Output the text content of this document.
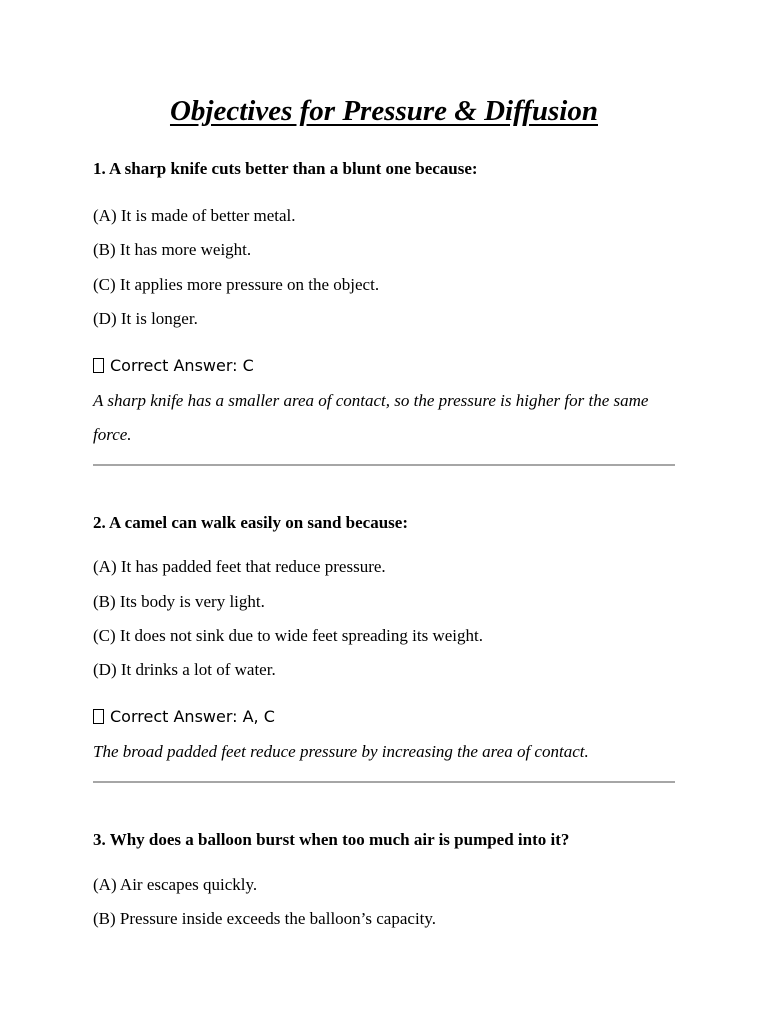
Objectives for Pressure & Diffusion

1. A sharp knife cuts better than a blunt one because:

(A) It is made of better metal.

(B) It has more weight.

(C) It applies more pressure on the object.

(D) It is longer.

Correct Answer: C

A sharp knife has a smaller area of contact, so the pressure is higher for the same force.

2. A camel can walk easily on sand because:

(A) It has padded feet that reduce pressure.

(B) Its body is very light.

(C) It does not sink due to wide feet spreading its weight.

(D) It drinks a lot of water.

Correct Answer: A, C

The broad padded feet reduce pressure by increasing the area of contact.

3. Why does a balloon burst when too much air is pumped into it?

(A) Air escapes quickly.

(B) Pressure inside exceeds the balloon’s capacity.
